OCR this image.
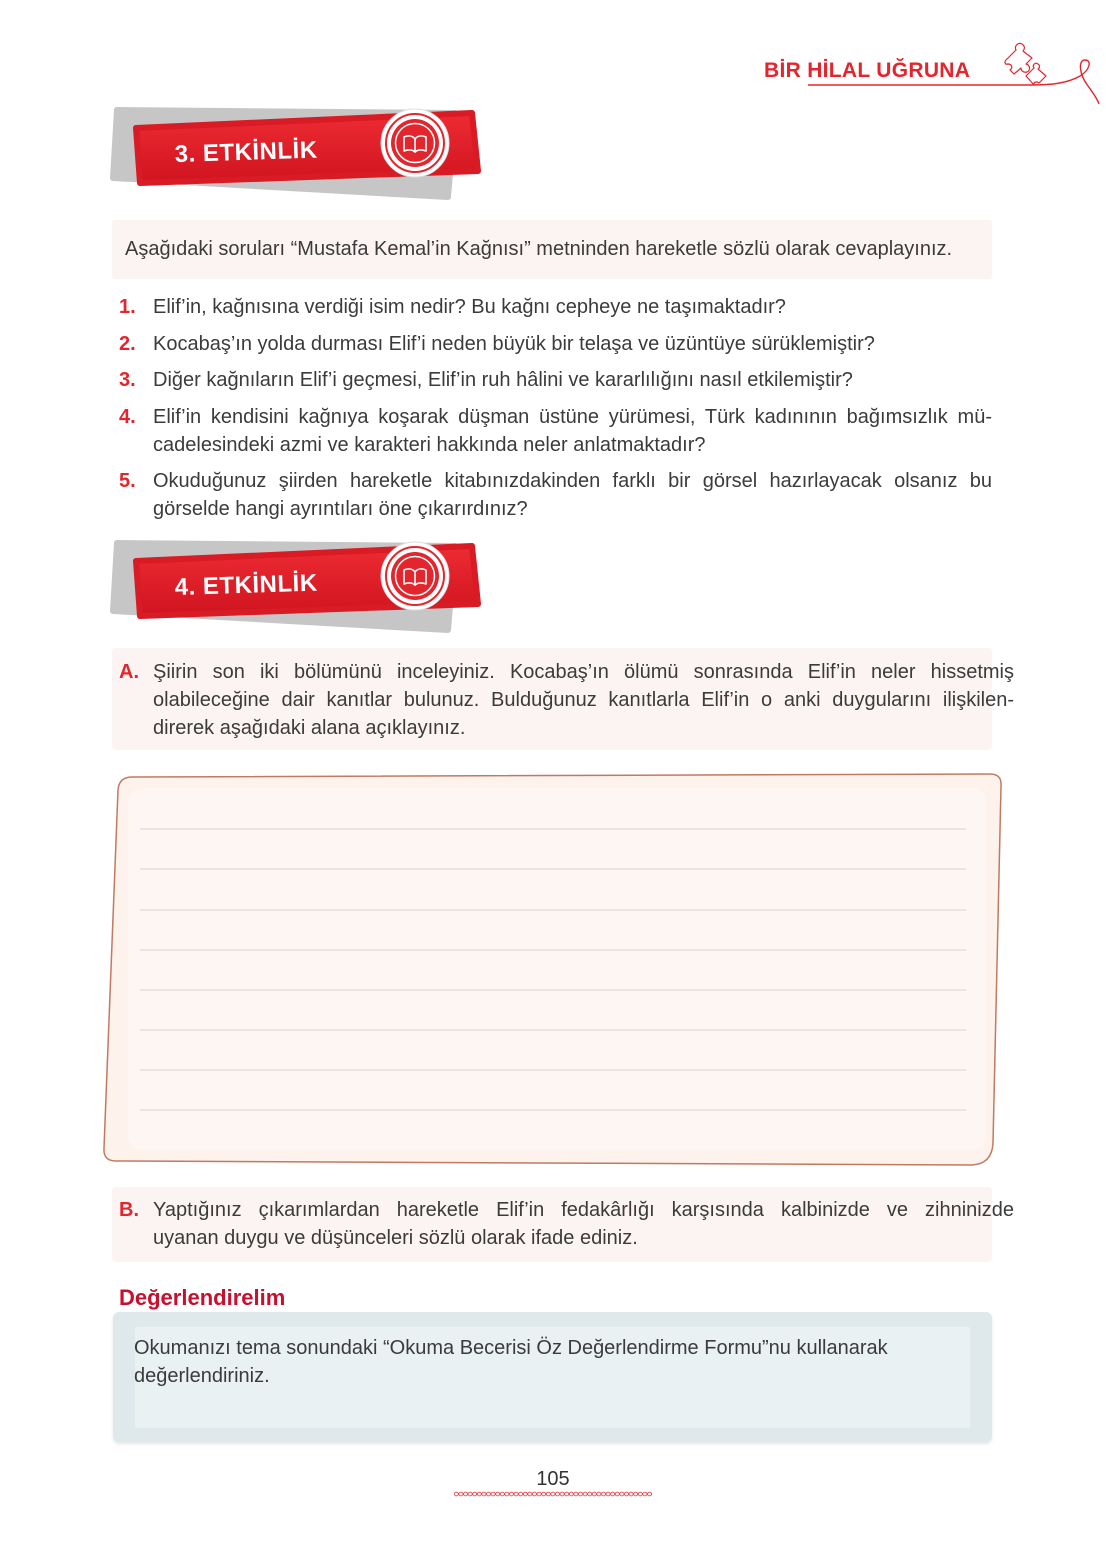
BİR HİLAL UĞRUNA
3. ETKİNLİK
Aşağıdaki soruları “Mustafa Kemal’in Kağnısı” metninden hareketle sözlü olarak cevaplayınız.
1. Elif’in, kağnısına verdiği isim nedir? Bu kağnı cepheye ne taşımaktadır?
2. Kocabaş’ın yolda durması Elif’i neden büyük bir telaşa ve üzüntüye sürüklemiştir?
3. Diğer kağnıların Elif’i geçmesi, Elif’in ruh hâlini ve kararlılığını nasıl etkilemiştir?
4. Elif’in kendisini kağnıya koşarak düşman üstüne yürümesi, Türk kadınının bağımsızlık mü-
cadelesindeki azmi ve karakteri hakkında neler anlatmaktadır?
5. Okuduğunuz şiirden hareketle kitabınızdakinden farklı bir görsel hazırlayacak olsanız bu
görselde hangi ayrıntıları öne çıkarırdınız?
4. ETKİNLİK
A. Şiirin son iki bölümünü inceleyiniz. Kocabaş’ın ölümü sonrasında Elif’in neler hissetmiş
olabileceğine dair kanıtlar bulunuz. Bulduğunuz kanıtlarla Elif’in o anki duygularını ilişkilen-
direrek aşağıdaki alana açıklayınız.
B. Yaptığınız çıkarımlardan hareketle Elif’in fedakârlığı karşısında kalbinizde ve zihninizde
uyanan duygu ve düşünceleri sözlü olarak ifade ediniz.
Değerlendirelim
Okumanızı tema sonundaki “Okuma Becerisi Öz Değerlendirme Formu”nu kullanarak
değerlendiriniz.
105
